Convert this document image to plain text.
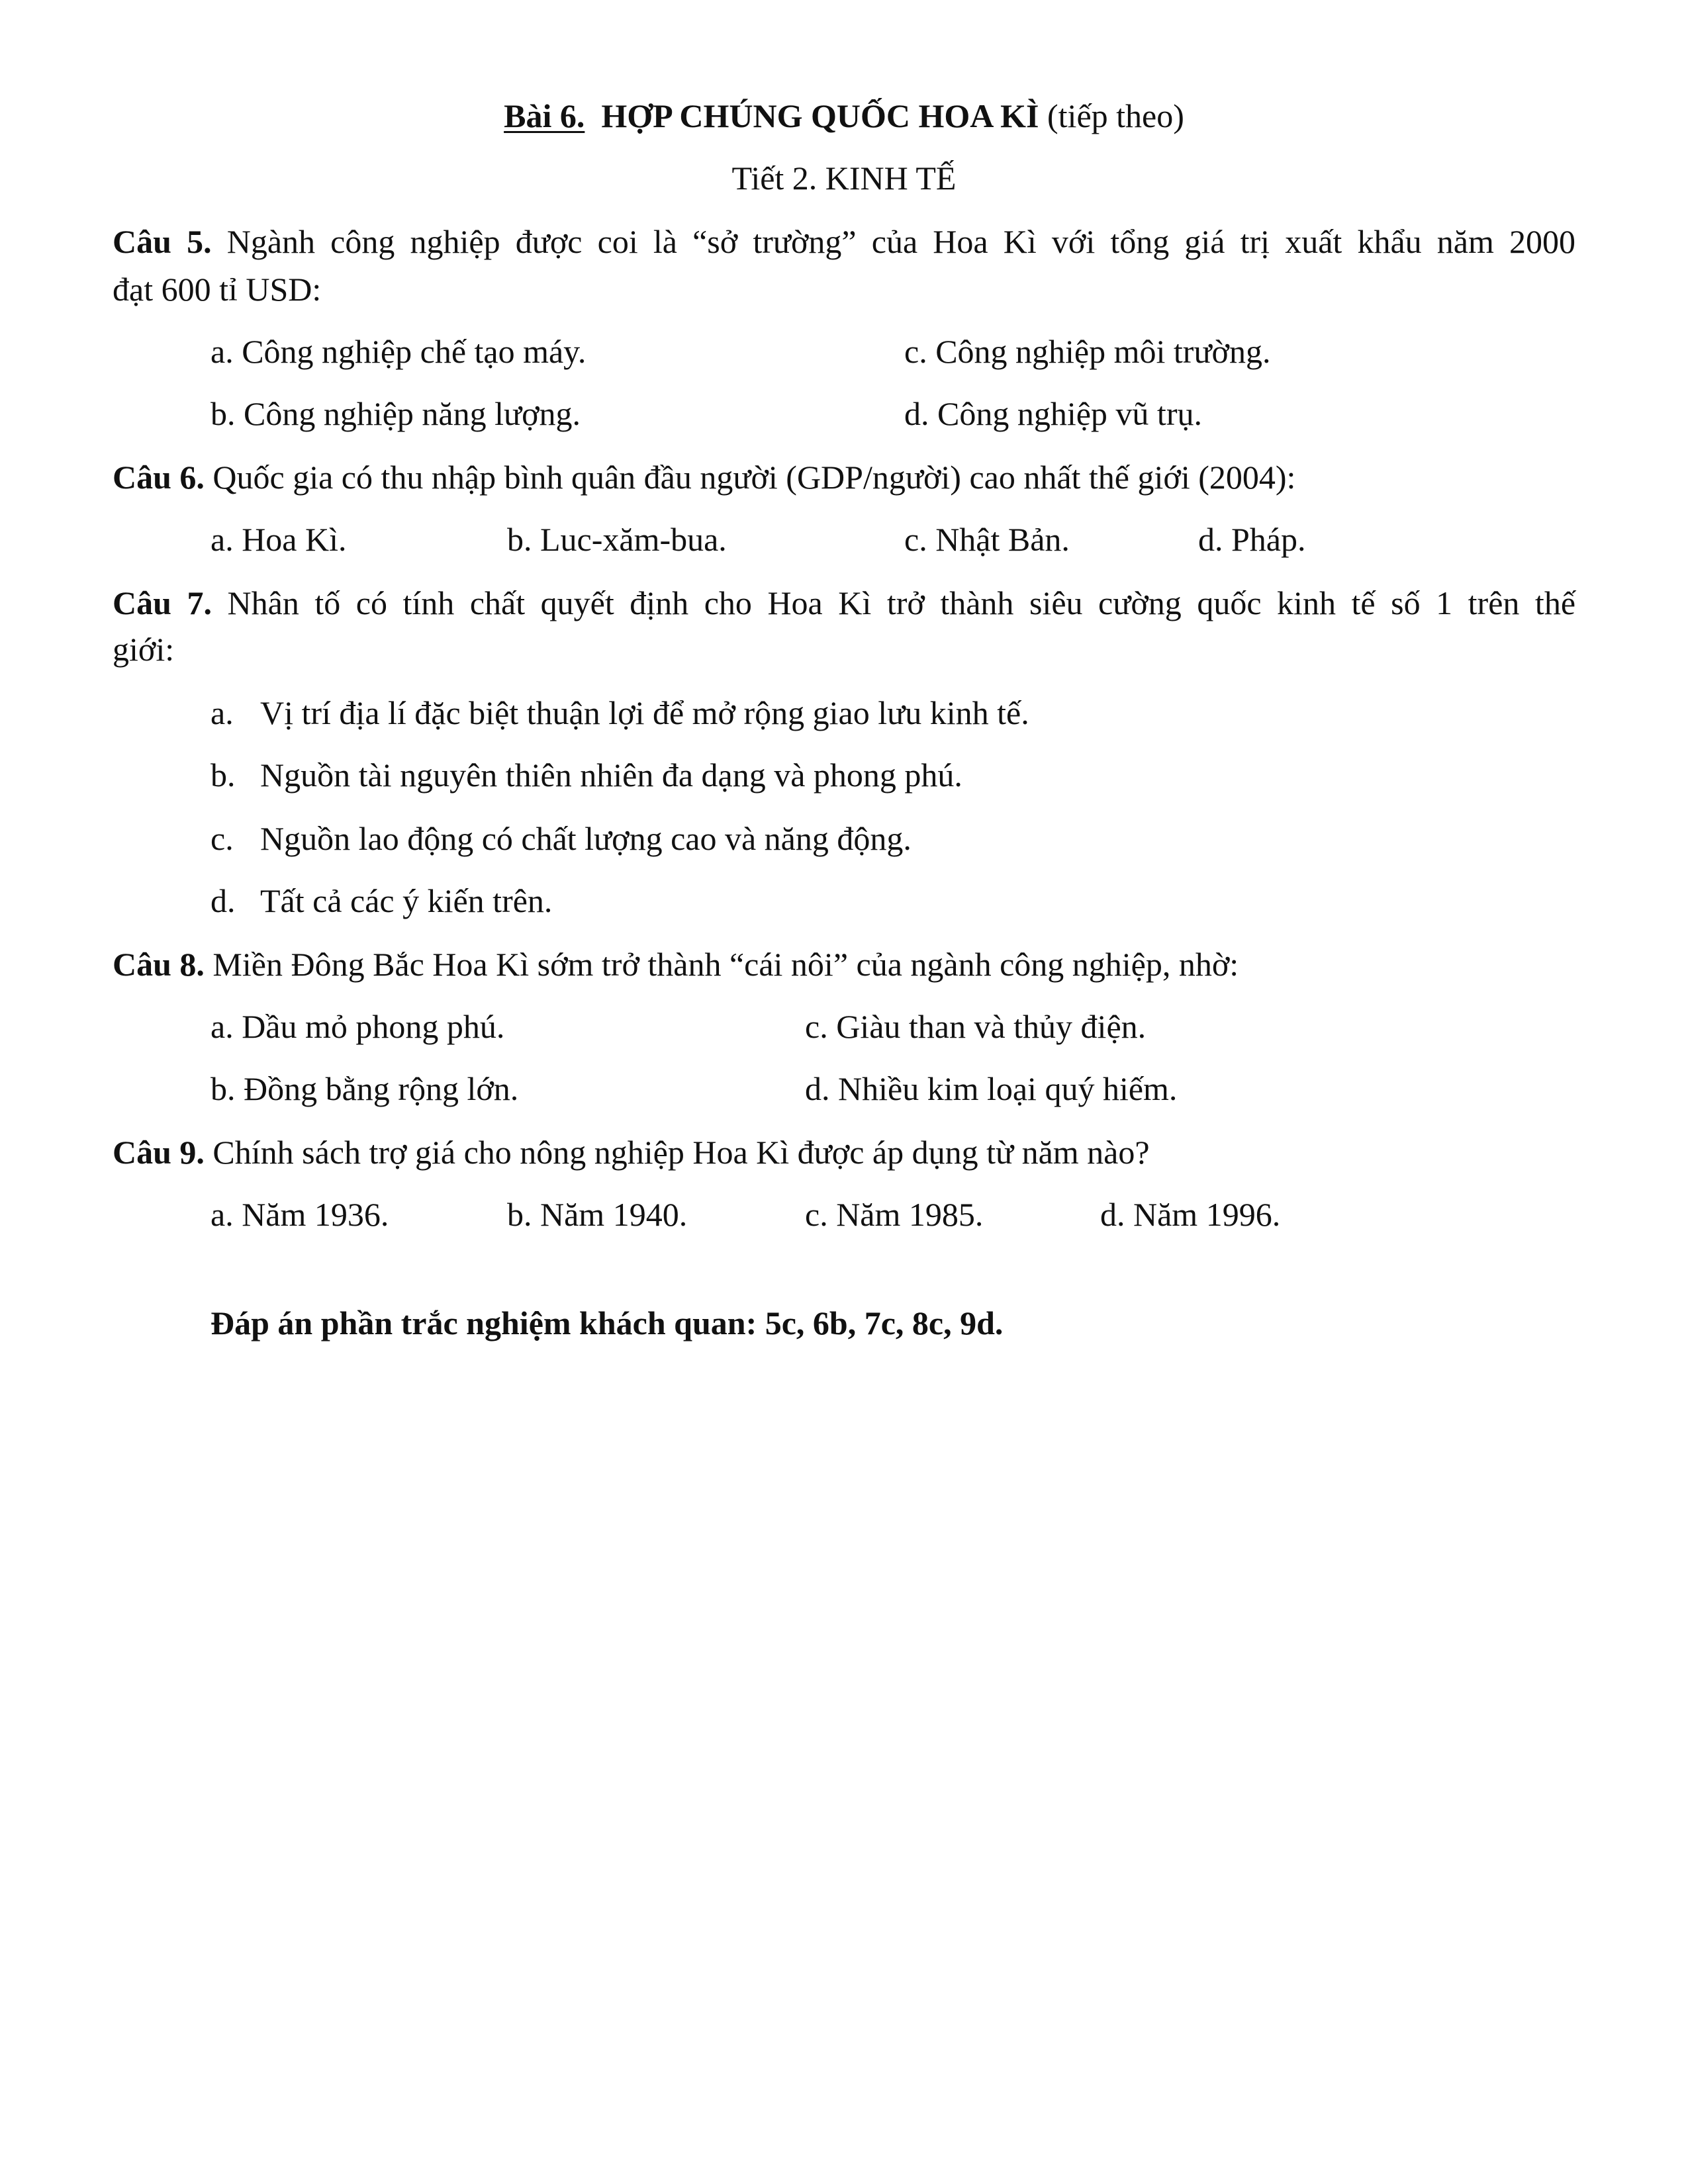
Bài 6. HỢP CHÚNG QUỐC HOA KÌ (tiếp theo)
Tiết 2. KINH TẾ
Câu 5. Ngành công nghiệp được coi là “sở trường” của Hoa Kì với tổng giá trị xuất khẩu năm 2000
đạt 600 tỉ USD:
a. Công nghiệp chế tạo máy.	c. Công nghiệp môi trường.
b. Công nghiệp năng lượng.	d. Công nghiệp vũ trụ.
Câu 6. Quốc gia có thu nhập bình quân đầu người (GDP/người) cao nhất thế giới (2004):
a. Hoa Kì.	b. Luc-xăm-bua.	c. Nhật Bản.	d. Pháp.
Câu 7. Nhân tố có tính chất quyết định cho Hoa Kì trở thành siêu cường quốc kinh tế số 1 trên thế
giới:
a. Vị trí địa lí đặc biệt thuận lợi để mở rộng giao lưu kinh tế.
b. Nguồn tài nguyên thiên nhiên đa dạng và phong phú.
c. Nguồn lao động có chất lượng cao và năng động.
d. Tất cả các ý kiến trên.
Câu 8. Miền Đông Bắc Hoa Kì sớm trở thành “cái nôi” của ngành công nghiệp, nhờ:
a. Dầu mỏ phong phú.	c. Giàu than và thủy điện.
b. Đồng bằng rộng lớn.	d. Nhiều kim loại quý hiếm.
Câu 9. Chính sách trợ giá cho nông nghiệp Hoa Kì được áp dụng từ năm nào?
a. Năm 1936.	b. Năm 1940.	c. Năm 1985.	d. Năm 1996.
Đáp án phần trắc nghiệm khách quan: 5c, 6b, 7c, 8c, 9d.
